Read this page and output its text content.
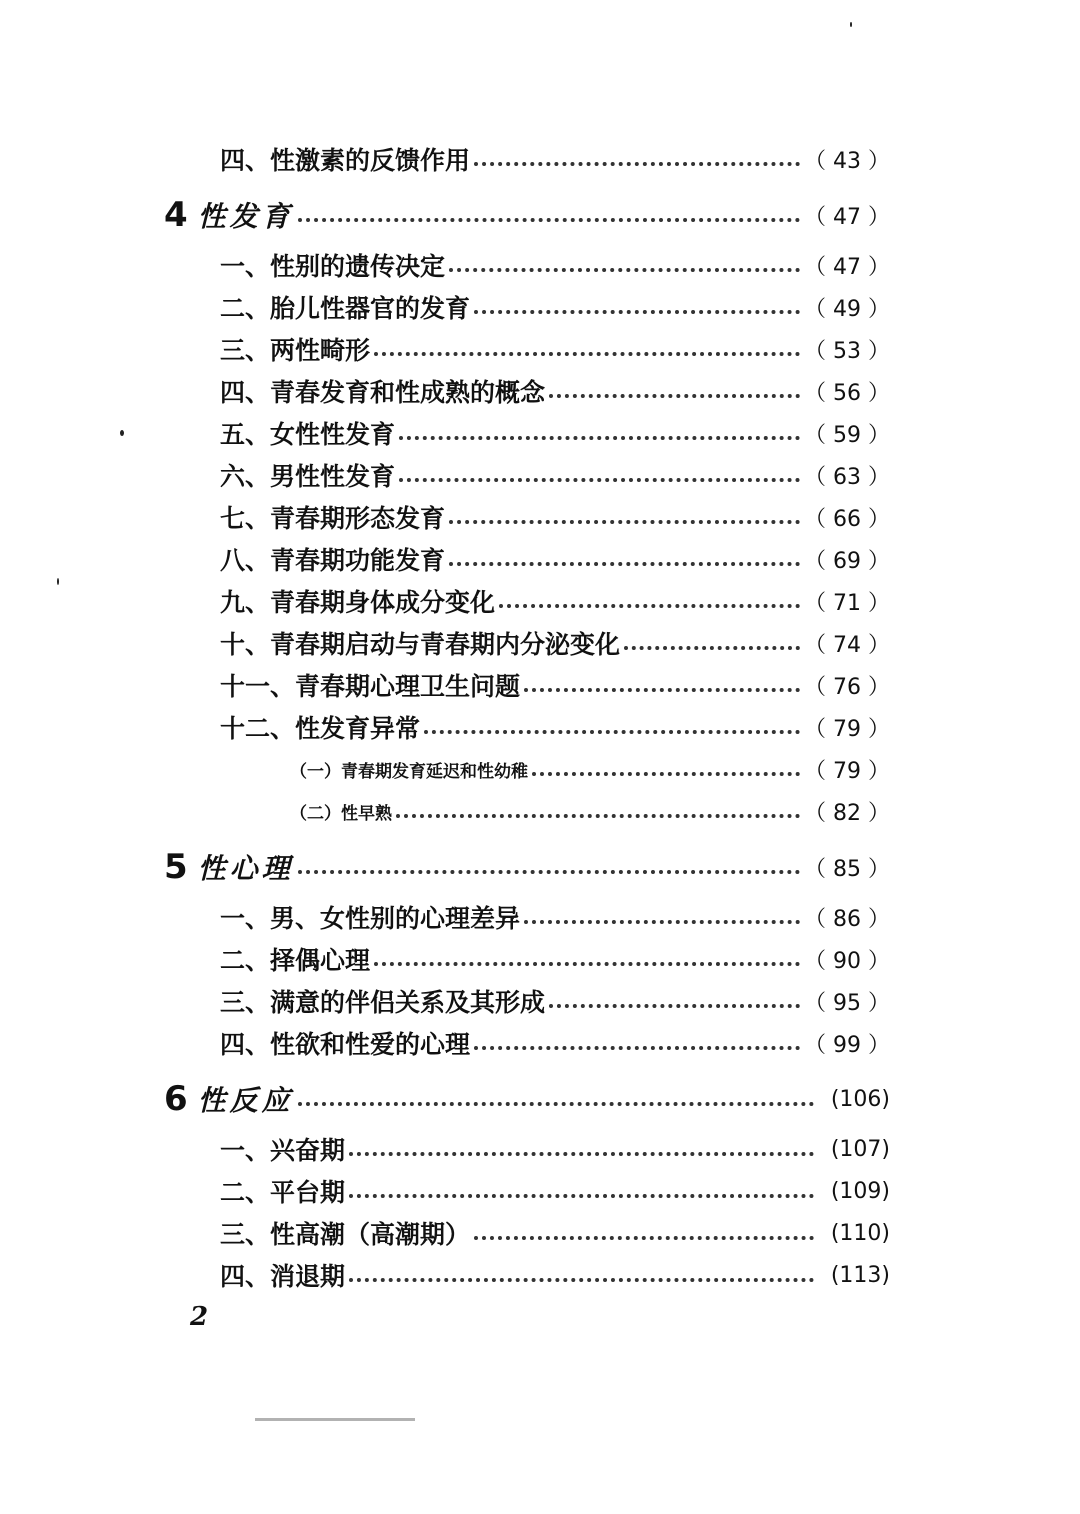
四、性激素的反馈作用	（ 43 ）
4 性发育	（ 47 ）
一、性别的遗传决定	（ 47 ）
二、胎儿性器官的发育	（ 49 ）
三、两性畸形	（ 53 ）
四、青春发育和性成熟的概念	（ 56 ）
五、女性性发育	（ 59 ）
六、男性性发育	（ 63 ）
七、青春期形态发育	（ 66 ）
八、青春期功能发育	（ 69 ）
九、青春期身体成分变化	（ 71 ）
十、青春期启动与青春期内分泌变化	（ 74 ）
十一、青春期心理卫生问题	（ 76 ）
十二、性发育异常	（ 79 ）
（一）青春期发育延迟和性幼稚	（ 79 ）
（二）性早熟	（ 82 ）
5 性心理	（ 85 ）
一、男、女性别的心理差异	（ 86 ）
二、择偶心理	（ 90 ）
三、满意的伴侣关系及其形成	（ 95 ）
四、性欲和性爱的心理	（ 99 ）
6 性反应	(106)
一、兴奋期	(107)
二、平台期	(109)
三、性高潮（高潮期）	(110)
四、消退期	(113)
2
